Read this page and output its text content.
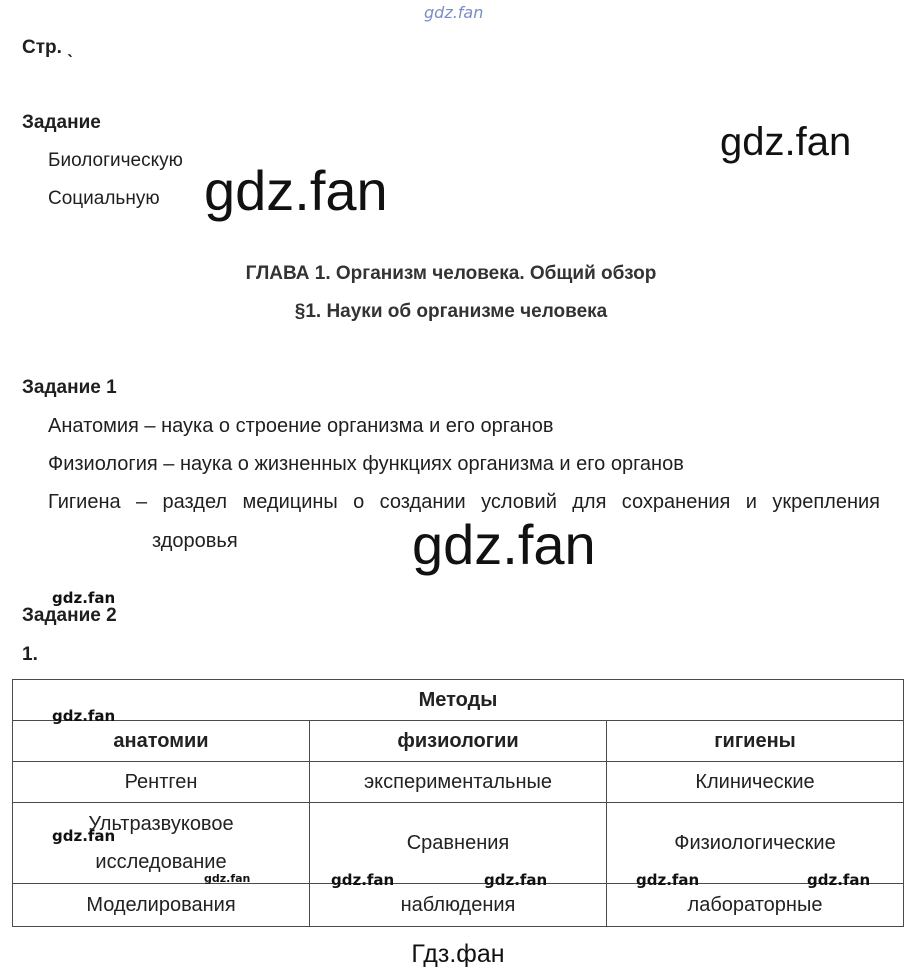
gdz.fan
Стр. ˎ
Задание
Биологическую
Социальную
gdz.fan
gdz.fan
ГЛАВА 1. Организм человека. Общий обзор
§1. Науки об организме человека
Задание 1
Анатомия – наука о строение организма и его органов
Физиология – наука о жизненных функциях организма и его органов
Гигиена – раздел медицины о создании условий для сохранения и укрепления
здоровья	gdz.fan
gdz.fan
Задание 2
1.
Методы		
анатомии	физиологии	гигиены
Рентген	экспериментальные	Клинические
Ультразвуковое исследование	Сравнения	Физиологические
Моделирования	наблюдения	лабораторные
gdz.fan
gdz.fan
gdz.fan	gdz.fan	gdz.fan	gdz.fan	gdz.fan
Гдз.фан
